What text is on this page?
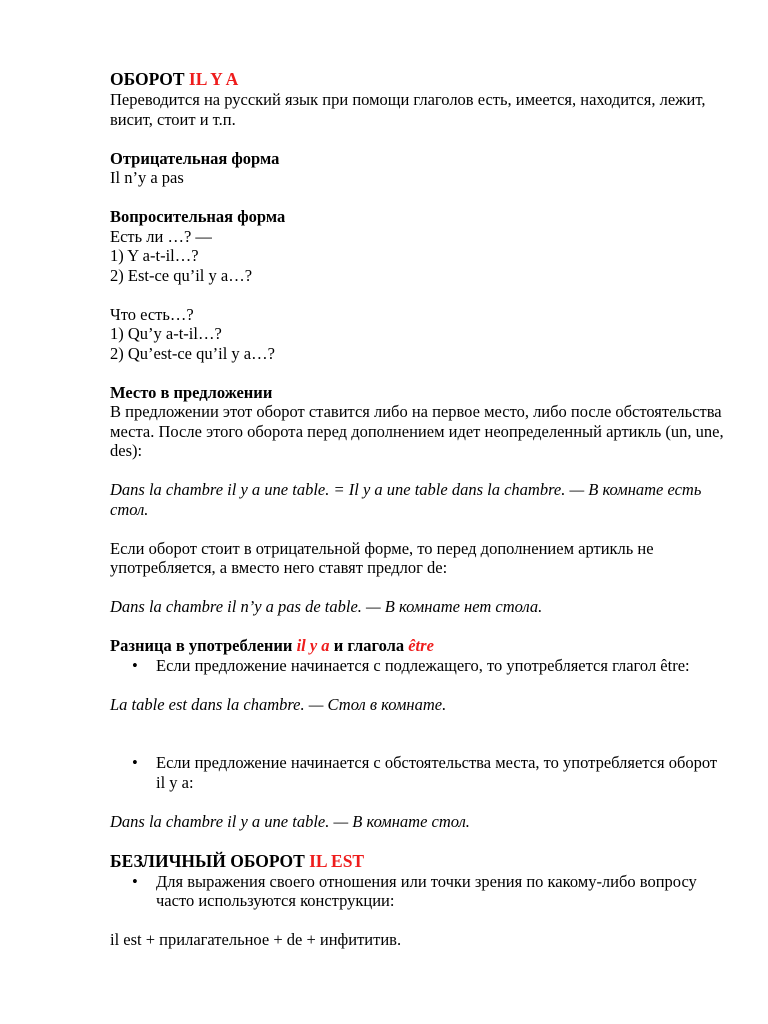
ОБОРОТ IL Y A

Переводится на русский язык при помощи глаголов есть, имеется, находится, лежит, висит, стоит и т.п.

Отрицательная форма

Il n’y a pas

Вопросительная форма

Есть ли …? —

1) Y a-t-il…?

2) Est-ce qu’il y a…?

Что есть…?

1) Qu’y a-t-il…?

2) Qu’est-ce qu’il y a…?

Место в предложении

В предложении этот оборот ставится либо на первое место, либо после обстоятельства места. После этого оборота перед дополнением идет неопределенный артикль (un, une, des):

Dans la chambre il y a une table. = Il y a une table dans la chambre. — В комнате есть стол.

Если оборот стоит в отрицательной форме, то перед дополнением артикль не употребляется, а вместо него ставят предлог de:

Dans la chambre il n’y a pas de table. — В комнате нет стола.

Разница в употреблении il y a и глагола être

• Если предложение начинается с подлежащего, то употребляется глагол être:

La table est dans la chambre. — Стол в комнате.

• Если предложение начинается с обстоятельства места, то употребляется оборот il y a:

Dans la chambre il y a une table. — В комнате стол.

БЕЗЛИЧНЫЙ ОБОРОТ IL EST

• Для выражения своего отношения или точки зрения по какому-либо вопросу часто используются конструкции:

il est + прилагательное + de + инфититив.
